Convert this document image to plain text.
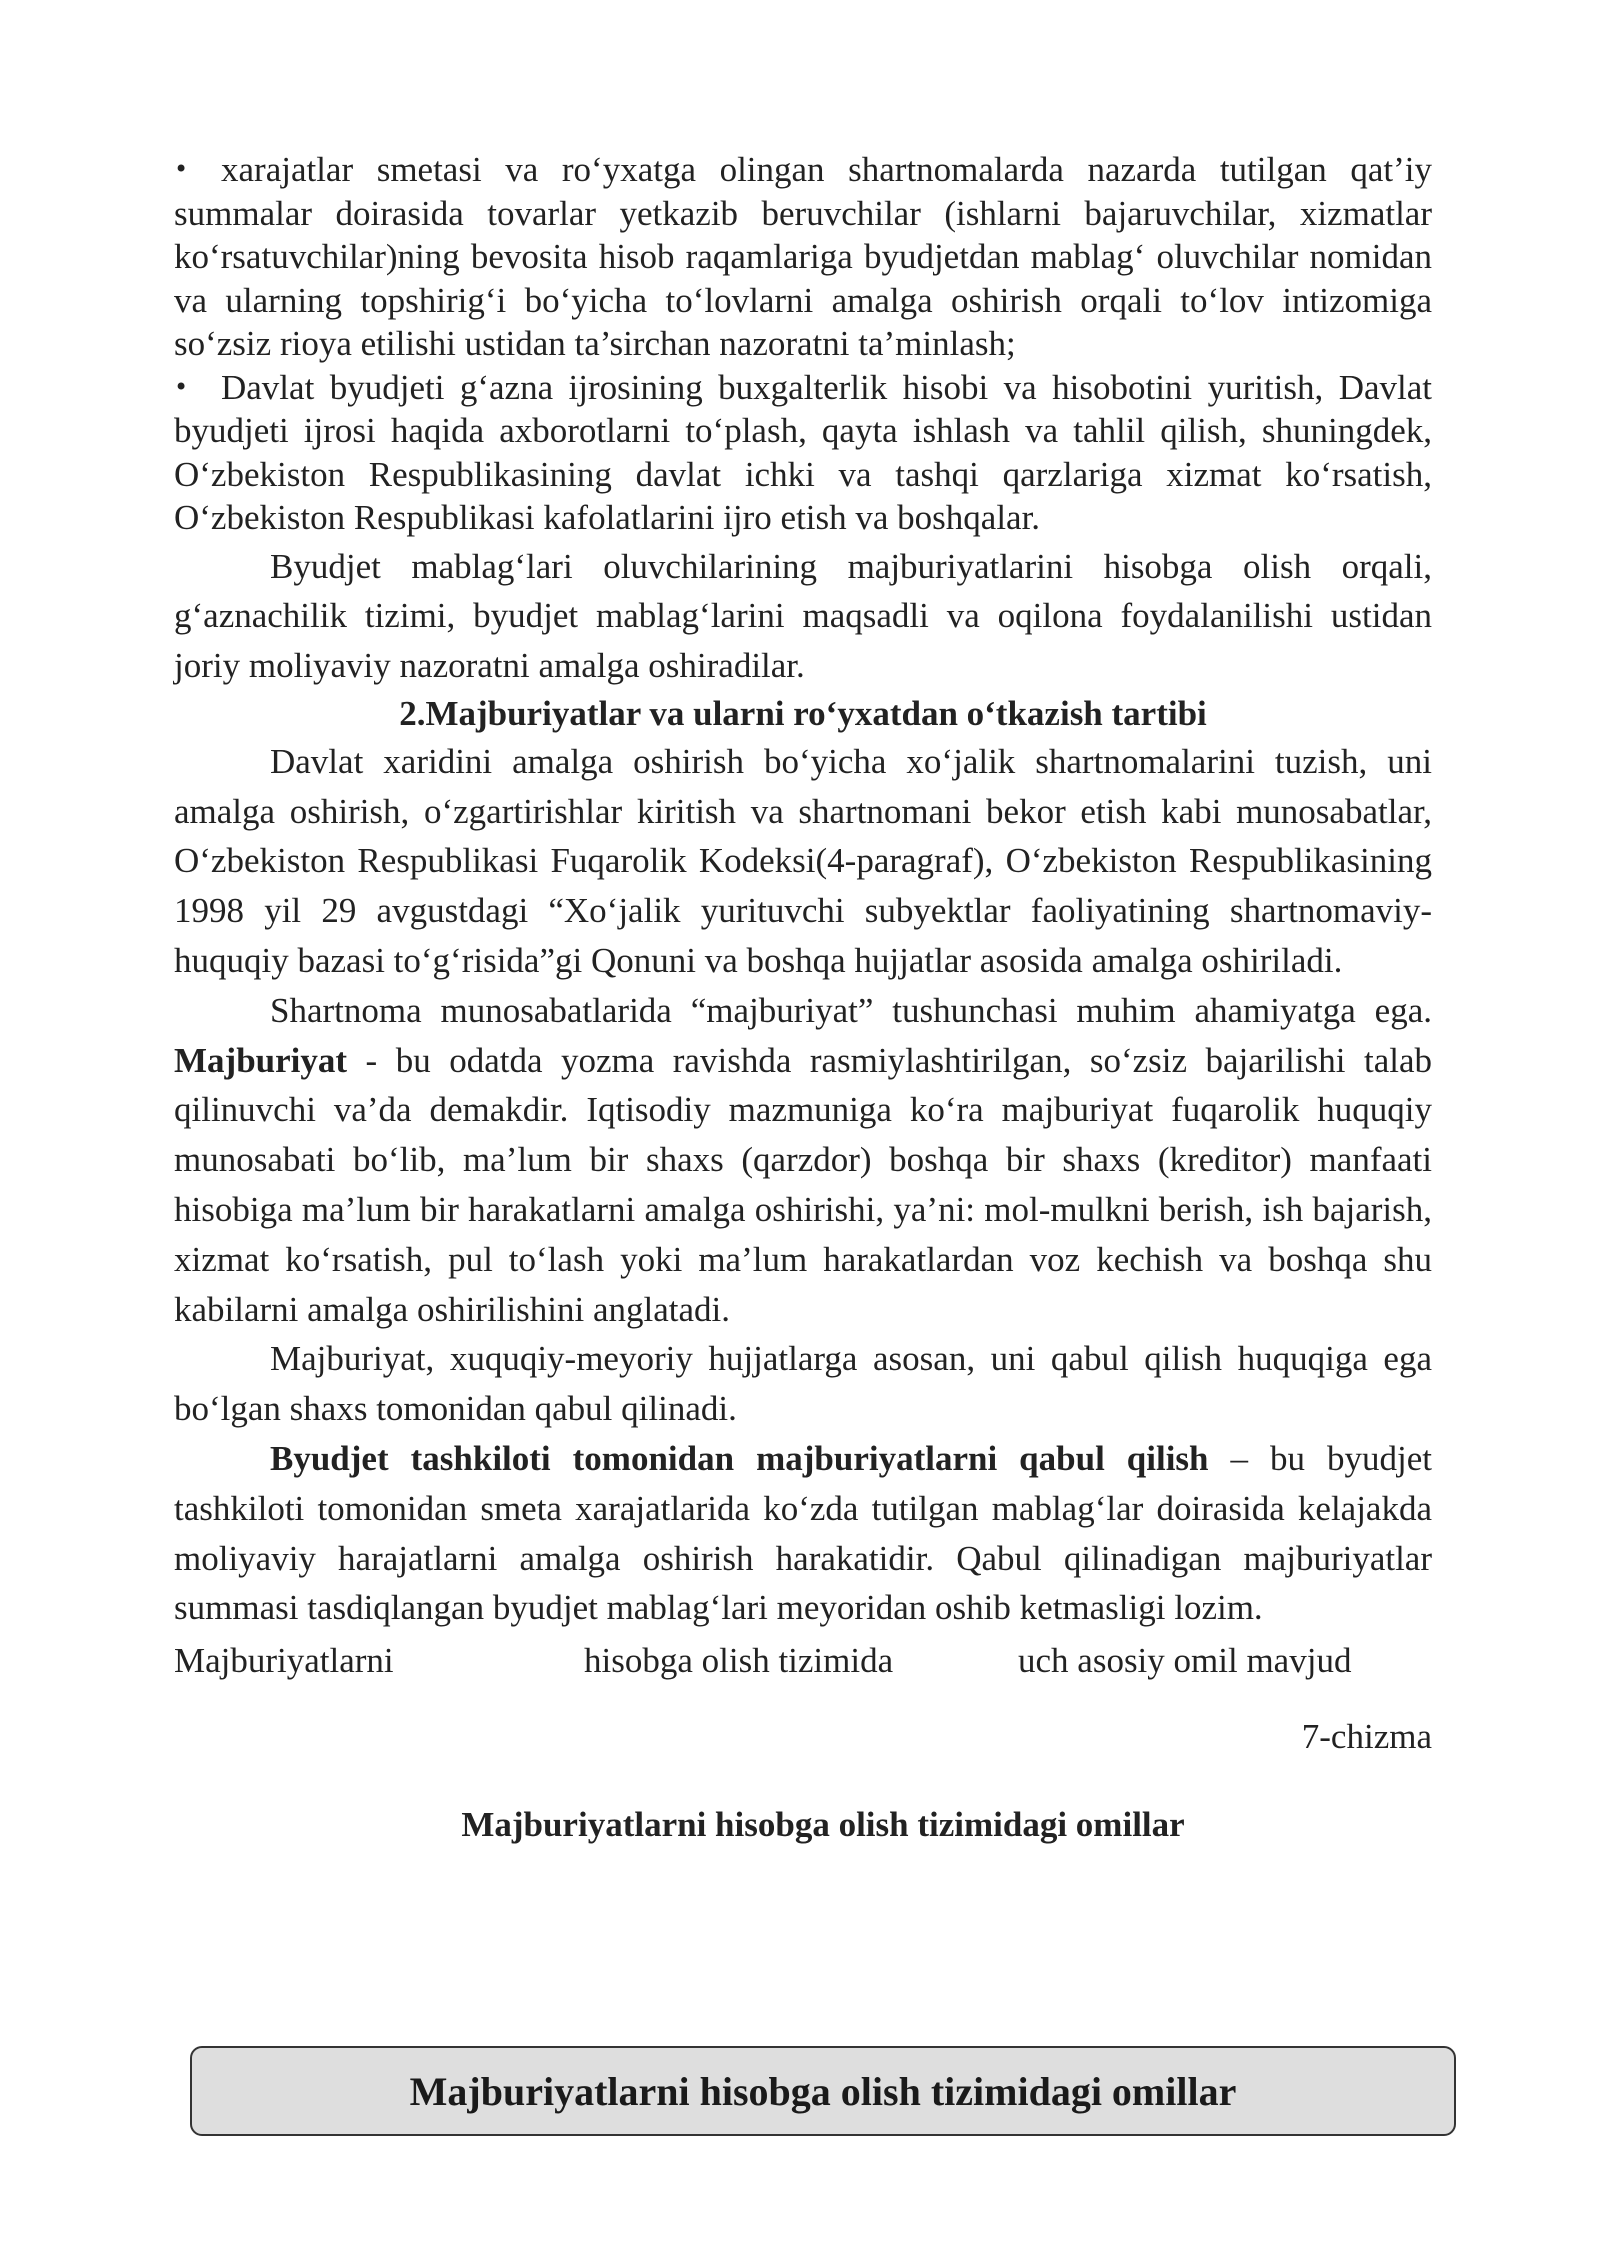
• xarajatlar smetasi va ro‘yxatga olingan shartnomalarda nazarda tutilgan qat’iy summalar doirasida tovarlar yetkazib beruvchilar (ishlarni bajaruvchilar, xizmatlar ko‘rsatuvchilar)ning bevosita hisob raqamlariga byudjetdan mablag‘ oluvchilar nomidan va ularning topshirig‘i bo‘yicha to‘lovlarni amalga oshirish orqali to‘lov intizomiga so‘zsiz rioya etilishi ustidan ta’sirchan nazoratni ta’minlash;
• Davlat byudjeti g‘azna ijrosining buxgalterlik hisobi va hisobotini yuritish, Davlat byudjeti ijrosi haqida axborotlarni to‘plash, qayta ishlash va tahlil qilish, shuningdek, O‘zbekiston Respublikasining davlat ichki va tashqi qarzlariga xizmat ko‘rsatish, O‘zbekiston Respublikasi kafolatlarini ijro etish va boshqalar.

Byudjet mablag‘lari oluvchilarining majburiyatlarini hisobga olish orqali, g‘aznachilik tizimi, byudjet mablag‘larini maqsadli va oqilona foydalanilishi ustidan joriy moliyaviy nazoratni amalga oshiradilar.

2.Majburiyatlar va ularni ro‘yxatdan o‘tkazish tartibi

Davlat xaridini amalga oshirish bo‘yicha xo‘jalik shartnomalarini tuzish, uni amalga oshirish, o‘zgartirishlar kiritish va shartnomani bekor etish kabi munosabatlar, O‘zbekiston Respublikasi Fuqarolik Kodeksi(4-paragraf), O‘zbekiston Respublikasining 1998 yil 29 avgustdagi “Xo‘jalik yurituvchi subyektlar faoliyatining shartnomaviy-huquqiy bazasi to‘g‘risida”gi Qonuni va boshqa hujjatlar asosida amalga oshiriladi.

Shartnoma munosabatlarida “majburiyat” tushunchasi muhim ahamiyatga ega. Majburiyat - bu odatda yozma ravishda rasmiylashtirilgan, so‘zsiz bajarilishi talab qilinuvchi va’da demakdir. Iqtisodiy mazmuniga ko‘ra majburiyat fuqarolik huquqiy munosabati bo‘lib, ma’lum bir shaxs (qarzdor) boshqa bir shaxs (kreditor) manfaati hisobiga ma’lum bir harakatlarni amalga oshirishi, ya’ni: mol-mulkni berish, ish bajarish, xizmat ko‘rsatish, pul to‘lash yoki ma’lum harakatlardan voz kechish va boshqa shu kabilarni amalga oshirilishini anglatadi.

Majburiyat, xuquqiy-meyoriy hujjatlarga asosan, uni qabul qilish huquqiga ega bo‘lgan shaxs tomonidan qabul qilinadi.

Byudjet tashkiloti tomonidan majburiyatlarni qabul qilish – bu byudjet tashkiloti tomonidan smeta xarajatlarida ko‘zda tutilgan mablag‘lar doirasida kelajakda moliyaviy harajatlarni amalga oshirish harakatidir. Qabul qilinadigan majburiyatlar summasi tasdiqlangan byudjet mablag‘lari meyoridan oshib ketmasligi lozim.

Majburiyatlarni	hisobga olish tizimida	uch asosiy omil mavjud
7-chizma
Majburiyatlarni hisobga olish tizimidagi omillar
Majburiyatlarni hisobga olish tizimidagi omillar
